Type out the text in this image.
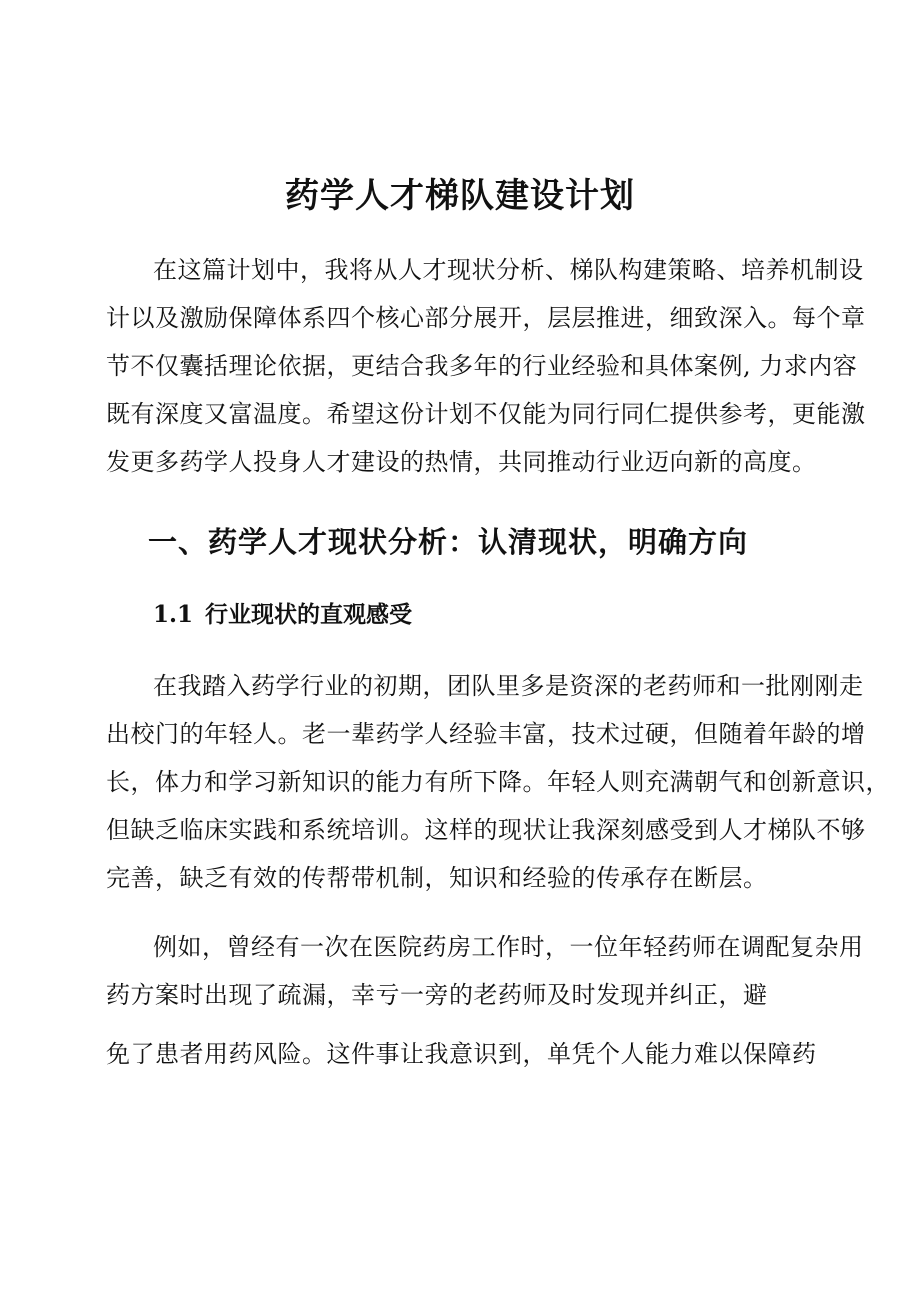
药学人才梯队建设计划

在这篇计划中，我将从人才现状分析、梯队构建策略、培养机制设

计以及激励保障体系四个核心部分展开，层层推进，细致深入。每个章

节不仅囊括理论依据，更结合我多年的行业经验和具体案例, 力求内容

既有深度又富温度。希望这份计划不仅能为同行同仁提供参考，更能激

发更多药学人投身人才建设的热情，共同推动行业迈向新的高度。

一、药学人才现状分析：认清现状，明确方向
1.1 行业现状的直观感受

在我踏入药学行业的初期，团队里多是资深的老药师和一批刚刚走

出校门的年轻人。老一辈药学人经验丰富，技术过硬，但随着年龄的增

长，体力和学习新知识的能力有所下降。年轻人则充满朝气和创新意识，

但缺乏临床实践和系统培训。这样的现状让我深刻感受到人才梯队不够

完善，缺乏有效的传帮带机制，知识和经验的传承存在断层。

例如，曾经有一次在医院药房工作时，一位年轻药师在调配复杂用

药方案时出现了疏漏，幸亏一旁的老药师及时发现并纠正，避

免了患者用药风险。这件事让我意识到，单凭个人能力难以保障药
